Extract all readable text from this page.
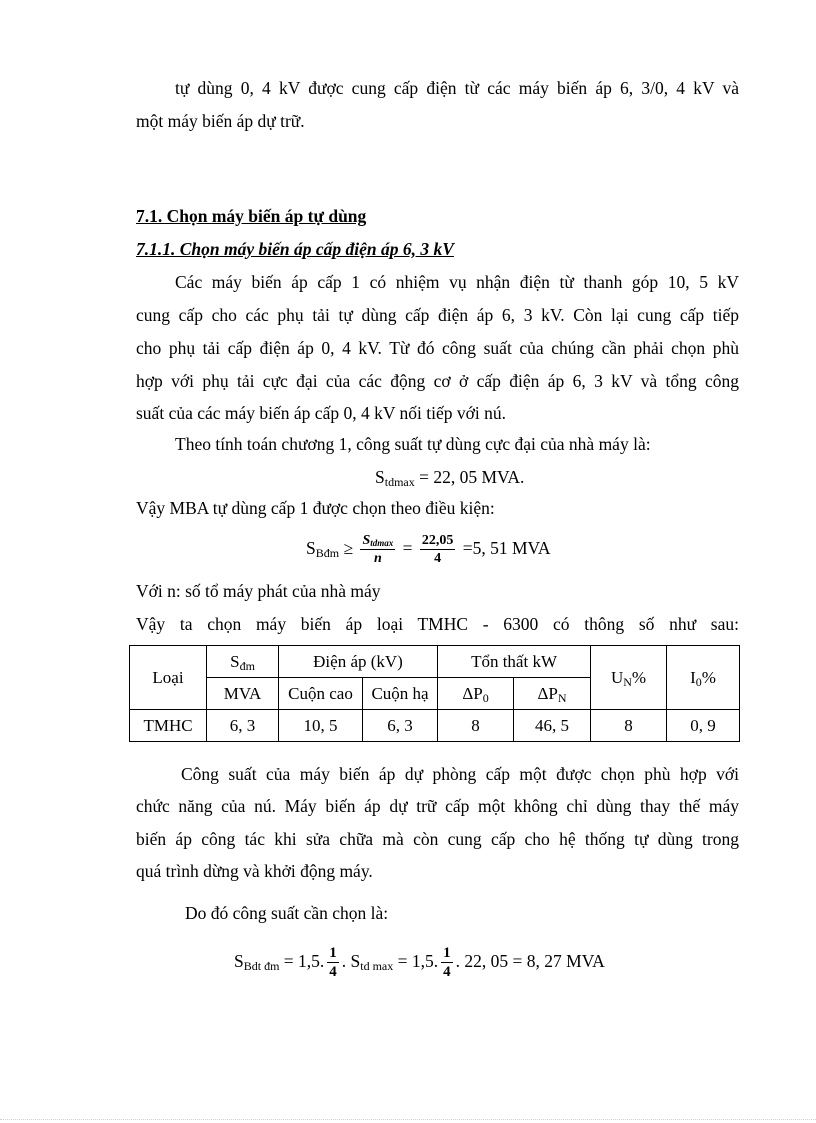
tự dùng 0, 4 kV được cung cấp điện từ các máy biến áp 6, 3/0, 4 kV và
một máy biến áp dự trữ.
7.1. Chọn máy biến áp tự dùng
7.1.1. Chọn máy biến áp cấp điện áp 6, 3 kV
Các máy biến áp cấp 1 có nhiệm vụ nhận điện từ thanh góp 10, 5 kV
cung cấp cho các phụ tải tự dùng cấp điện áp 6, 3 kV. Còn lại cung cấp tiếp
cho phụ tải cấp điện áp 0, 4 kV. Từ đó công suất của chúng cần phải chọn phù
hợp với phụ tải cực đại của các động cơ ở cấp điện áp 6, 3 kV và tổng công
suất của các máy biến áp cấp 0, 4 kV nối tiếp với nú.
Theo tính toán chương 1, công suất tự dùng cực đại của nhà máy là:
$S_{tdmax} = 22$, 05 MVA.
Vậy MBA tự dùng cấp 1 được chọn theo điều kiện:
$S_{Bđm} \ge \frac{\text{Stdmax}}{n} = \frac{22,05}{4} =5$, 51 MVA
Với n: số tổ máy phát của nhà máy
Vậy ta chọn máy biến áp loại TMHC - 6300 có thông số như sau:
Loại	$S_{đm}$	Điện áp (kV)		Tổn thất kW		$U_N\%$	$I_0\%$
	MVA	Cuộn cao	Cuộn hạ	$\Delta P_0$	$\Delta P_N$
TMHC	6, 3	10, 5	6, 3	8	46, 5	8	0, 9
Công suất của máy biến áp dự phòng cấp một được chọn phù hợp với
chức năng của nú. Máy biến áp dự trữ cấp một không chỉ dùng thay thế máy
biến áp công tác khi sửa chữa mà còn cung cấp cho hệ thống tự dùng trong
quá trình dừng và khởi động máy.
Do đó công suất cần chọn là:
$S_{Bdt đm} = 1,5$. $\frac{1}{4}$ . $S_{td max} = 1,5$. $\frac{1}{4}$ . 22, 05 = 8, 27 MVA
